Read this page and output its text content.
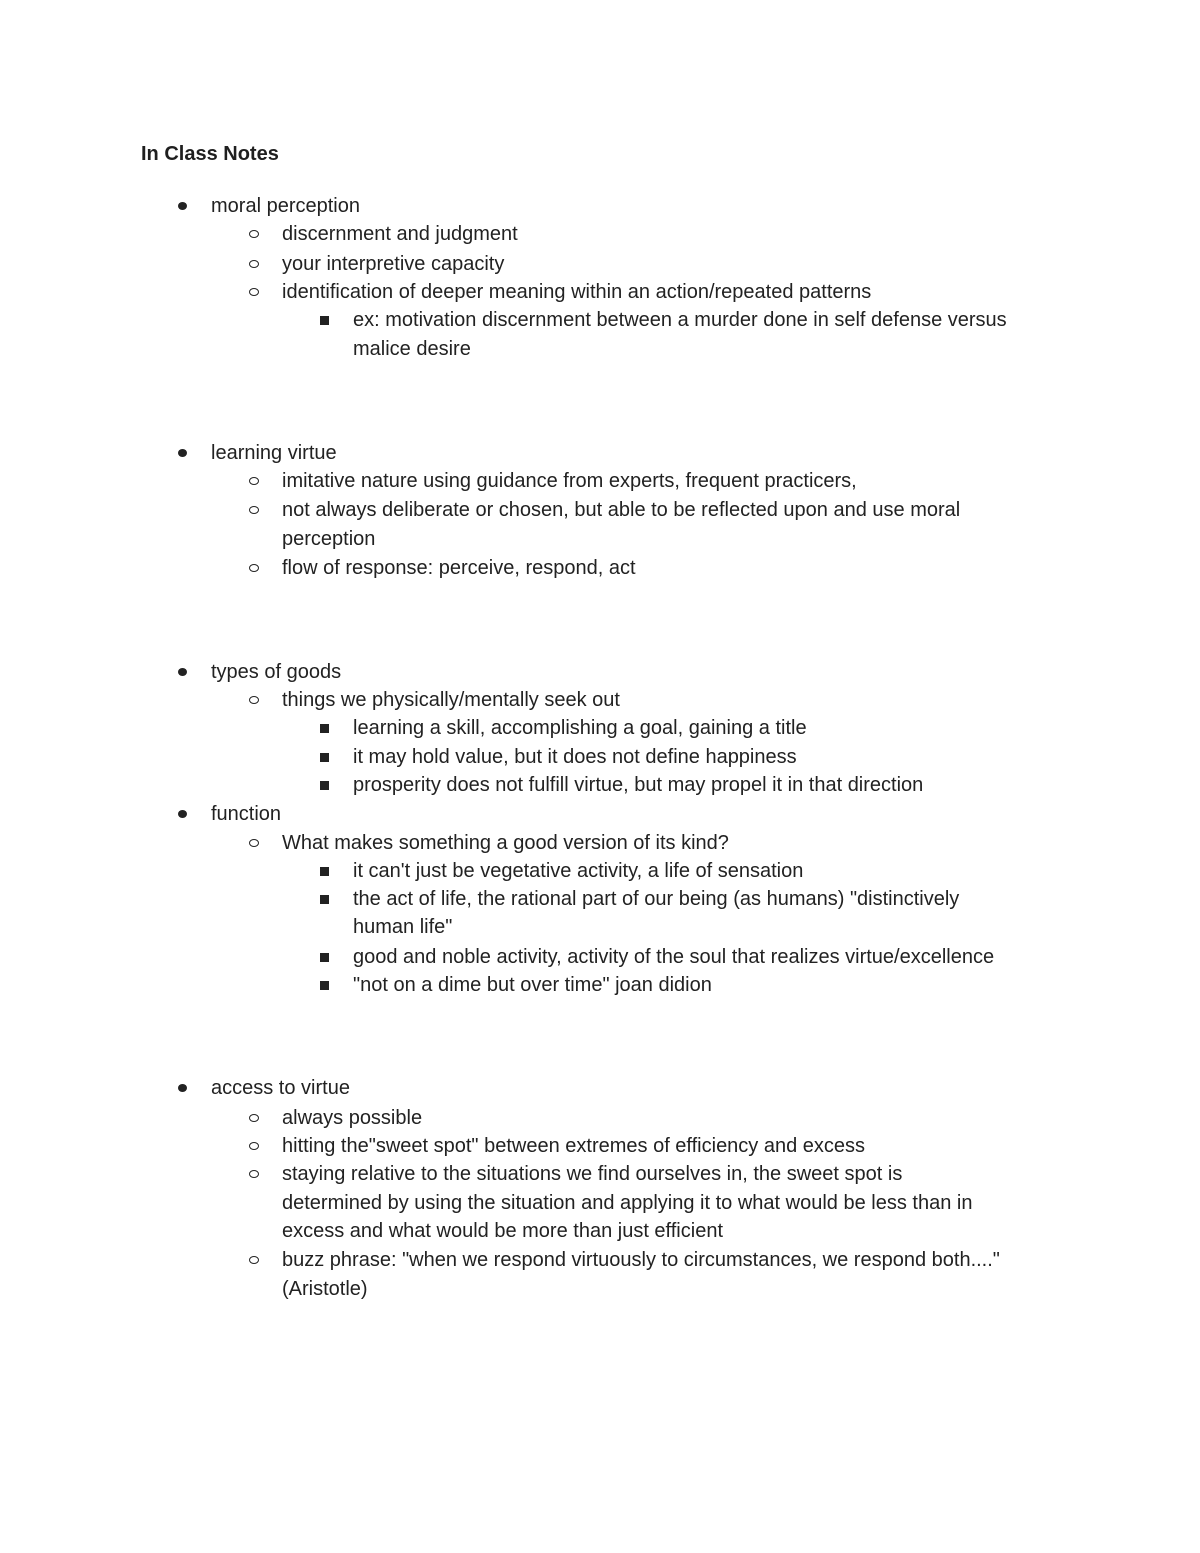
In Class Notes
moral perception
discernment and judgment
your interpretive capacity
identification of deeper meaning within an action/repeated patterns
ex: motivation discernment between a murder done in self defense versus
malice desire
learning virtue
imitative nature using guidance from experts, frequent practicers,
not always deliberate or chosen, but able to be reflected upon and use moral
perception
flow of response: perceive, respond, act
types of goods
things we physically/mentally seek out
learning a skill, accomplishing a goal, gaining a title
it may hold value, but it does not define happiness
prosperity does not fulfill virtue, but may propel it in that direction
function
What makes something a good version of its kind?
it can't just be vegetative activity, a life of sensation
the act of life, the rational part of our being (as humans) "distinctively
human life"
good and noble activity, activity of the soul that realizes virtue/excellence
"not on a dime but over time" joan didion
access to virtue
always possible
hitting the"sweet spot" between extremes of efficiency and excess
staying relative to the situations we find ourselves in, the sweet spot is
determined by using the situation and applying it to what would be less than in
excess and what would be more than just efficient
buzz phrase: "when we respond virtuously to circumstances, we respond both...."
(Aristotle)
